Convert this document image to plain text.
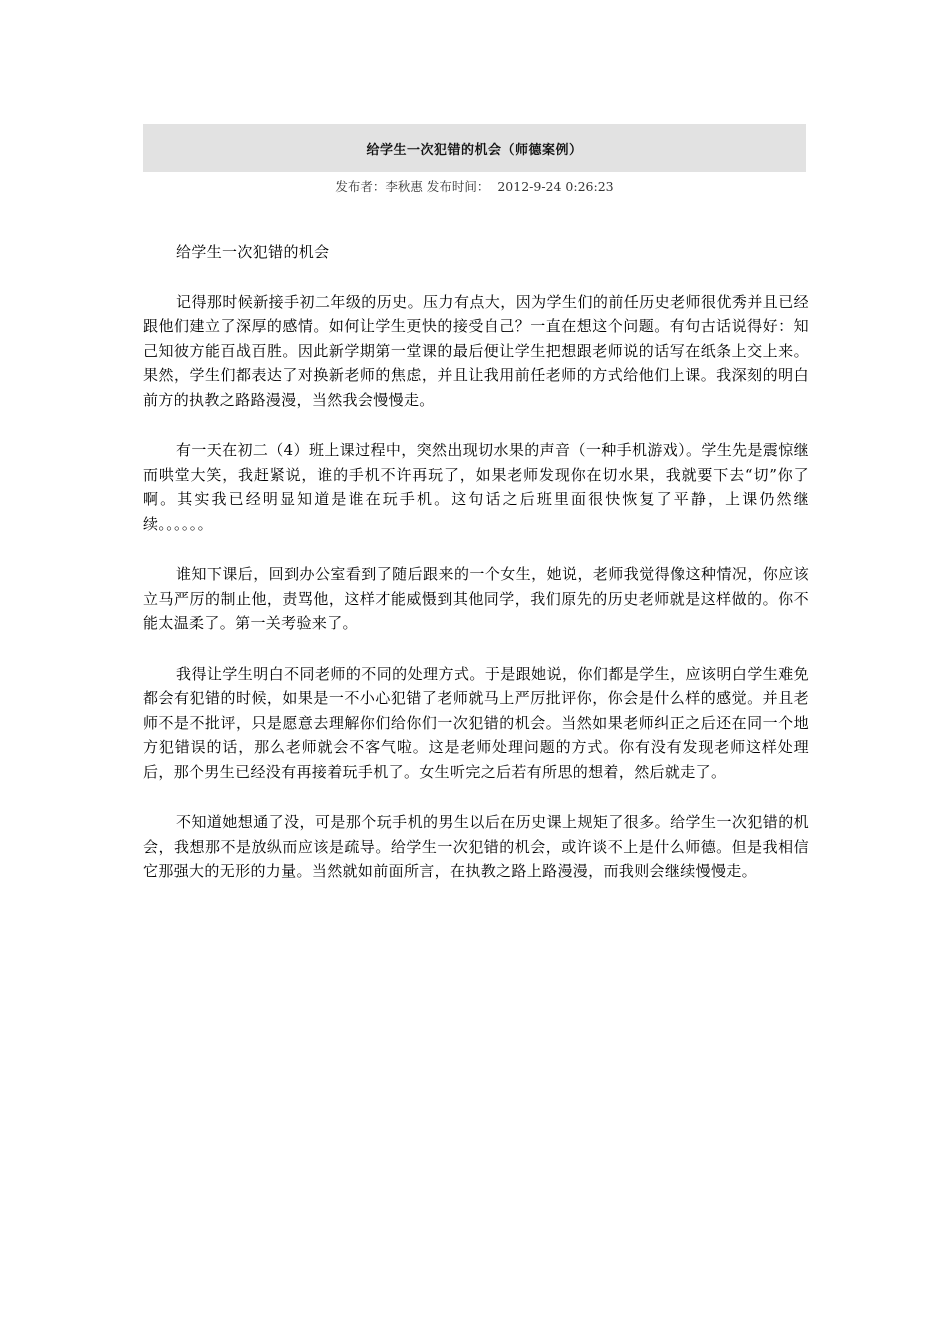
给学生一次犯错的机会（师德案例）
发布者：李秋惠 发布时间： 2012-9-24 0:26:23

给学生一次犯错的机会

记得那时候新接手初二年级的历史。压力有点大，因为学生们的前任历史老师很优秀并且已经跟他们建立了深厚的感情。如何让学生更快的接受自己？一直在想这个问题。有句古话说得好：知己知彼方能百战百胜。因此新学期第一堂课的最后便让学生把想跟老师说的话写在纸条上交上来。果然，学生们都表达了对换新老师的焦虑，并且让我用前任老师的方式给他们上课。我深刻的明白前方的执教之路路漫漫，当然我会慢慢走。

有一天在初二（4）班上课过程中，突然出现切水果的声音（一种手机游戏）。学生先是震惊继而哄堂大笑，我赶紧说，谁的手机不许再玩了，如果老师发现你在切水果，我就要下去“切”你了啊。其实我已经明显知道是谁在玩手机。这句话之后班里面很快恢复了平静，上课仍然继续。。。。。。

谁知下课后，回到办公室看到了随后跟来的一个女生，她说，老师我觉得像这种情况，你应该立马严厉的制止他，责骂他，这样才能威慑到其他同学，我们原先的历史老师就是这样做的。你不能太温柔了。第一关考验来了。

我得让学生明白不同老师的不同的处理方式。于是跟她说，你们都是学生，应该明白学生难免都会有犯错的时候，如果是一不小心犯错了老师就马上严厉批评你，你会是什么样的感觉。并且老师不是不批评，只是愿意去理解你们给你们一次犯错的机会。当然如果老师纠正之后还在同一个地方犯错误的话，那么老师就会不客气啦。这是老师处理问题的方式。你有没有发现老师这样处理后，那个男生已经没有再接着玩手机了。女生听完之后若有所思的想着，然后就走了。

不知道她想通了没，可是那个玩手机的男生以后在历史课上规矩了很多。给学生一次犯错的机会，我想那不是放纵而应该是疏导。给学生一次犯错的机会，或许谈不上是什么师德。但是我相信它那强大的无形的力量。当然就如前面所言，在执教之路上路漫漫，而我则会继续慢慢走。
